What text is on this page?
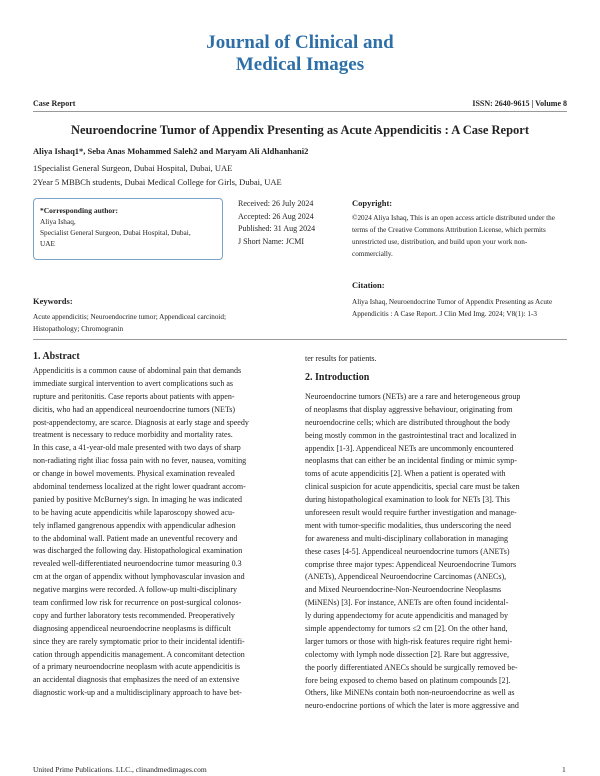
Journal of Clinical and
Medical Images
Case Report	ISSN: 2640-9615 | Volume 8
Neuroendocrine Tumor of Appendix Presenting as Acute Appendicitis : A Case Report
Aliya Ishaq1*, Seba Anas Mohammed Saleh2 and Maryam Ali Aldhanhani2
1Specialist General Surgeon, Dubai Hospital, Dubai, UAE
2Year 5 MBBCh students, Dubai Medical College for Girls, Dubai, UAE
*Corresponding author:
Aliya Ishaq,
Specialist General Surgeon, Dubai Hospital, Dubai,
UAE
Received: 26 July 2024
Accepted: 26 Aug 2024
Published: 31 Aug 2024
J Short Name: JCMI
Copyright:
©2024 Aliya Ishaq, This is an open access article distributed under the terms of the Creative Commons Attribution License, which permits unrestricted use, distribution, and build upon your work non-commercially.
Citation:
Aliya Ishaq, Neuroendocrine Tumor of Appendix Presenting as Acute Appendicitis : A Case Report. J Clin Med Img. 2024; V8(1): 1-3
Keywords:
Acute appendicitis; Neuroendocrine tumor; Appendiceal carcinoid; Histopathology; Chromogranin
1. Abstract
Appendicitis is a common cause of abdominal pain that demands
immediate surgical intervention to avert complications such as
rupture and peritonitis. Case reports about patients with appen-
dicitis, who had an appendiceal neuroendocrine tumors (NETs)
post-appendectomy, are scarce. Diagnosis at early stage and speedy
treatment is necessary to reduce morbidity and mortality rates.
In this case, a 41-year-old male presented with two days of sharp
non-radiating right iliac fossa pain with no fever, nausea, vomiting
or change in bowel movements. Physical examination revealed
abdominal tenderness localized at the right lower quadrant accom-
panied by positive McBurney's sign. In imaging he was indicated
to be having acute appendicitis while laparoscopy showed acu-
tely inflamed gangrenous appendix with appendicular adhesion
to the abdominal wall. Patient made an uneventful recovery and
was discharged the following day. Histopathological examination
revealed well-differentiated neuroendocrine tumor measuring 0.3
cm at the organ of appendix without lymphovascular invasion and
negative margins were recorded. A follow-up multi-disciplinary
team confirmed low risk for recurrence on post-surgical colonos-
copy and further laboratory tests recommended. Preoperatively
diagnosing appendiceal neuroendocrine neoplasms is difficult
since they are rarely symptomatic prior to their incidental identifi-
cation through appendicitis management. A concomitant detection
of a primary neuroendocrine neoplasm with acute appendicitis is
an accidental diagnosis that emphasizes the need of an extensive
diagnostic work-up and a multidisciplinary approach to have bet-
ter results for patients.
2. Introduction
Neuroendocrine tumors (NETs) are a rare and heterogeneous group
of neoplasms that display aggressive behaviour, originating from
neuroendocrine cells; which are distributed throughout the body
being mostly common in the gastrointestinal tract and localized in
appendix [1-3]. Appendiceal NETs are uncommonly encountered
neoplasms that can either be an incidental finding or mimic symp-
toms of acute appendicitis [2]. When a patient is operated with
clinical suspicion for acute appendicitis, special care must be taken
during histopathological examination to look for NETs [3]. This
unforeseen result would require further investigation and manage-
ment with tumor-specific modalities, thus underscoring the need
for awareness and multi-disciplinary collaboration in managing
these cases [4-5]. Appendiceal neuroendocrine tumors (ANETs)
comprise three major types: Appendiceal Neuroendocrine Tumors
(ANETs), Appendiceal Neuroendocrine Carcinomas (ANECs),
and Mixed Neuroendocrine-Non-Neuroendocrine Neoplasms
(MiNENs) [3]. For instance, ANETs are often found incidental-
ly during appendectomy for acute appendicitis and managed by
simple appendectomy for tumors ≤2 cm [2]. On the other hand,
larger tumors or those with high-risk features require right hemi-
colectomy with lymph node dissection [2]. Rare but aggressive,
the poorly differentiated ANECs should be surgically removed be-
fore being exposed to chemo based on platinum compounds [2].
Others, like MiNENs contain both non-neuroendocrine as well as
neuro-endocrine portions of which the later is more aggressive and
United Prime Publications. LLC., clinandmedimages.com	1
